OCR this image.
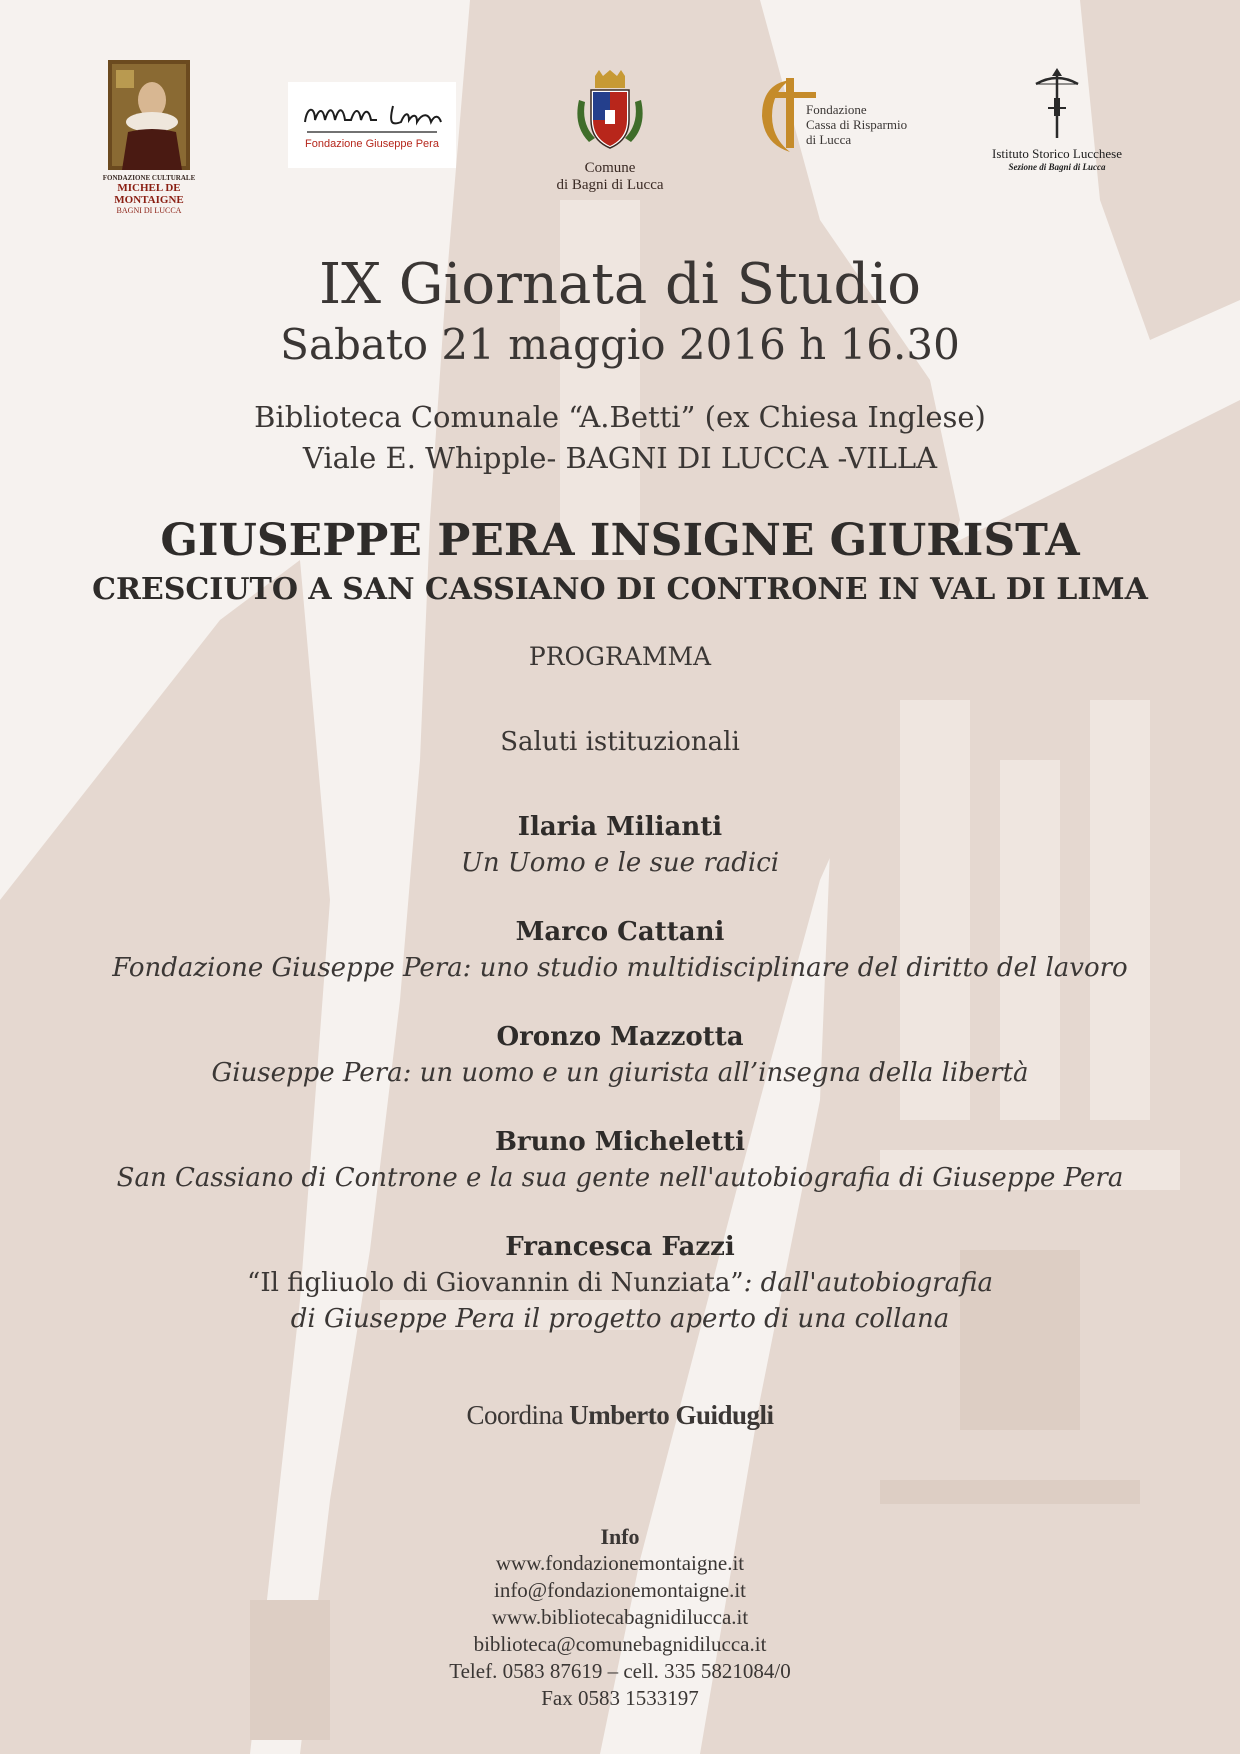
FONDAZIONE CULTURALE
MICHEL DE MONTAIGNE
BAGNI DI LUCCA
Fondazione Giuseppe Pera
Comune
di Bagni di Lucca
Fondazione
Cassa di Risparmio
di Lucca
Istituto Storico Lucchese
Sezione di Bagni di Lucca
IX Giornata di Studio
Sabato 21 maggio 2016 h 16.30
Biblioteca Comunale “A.Betti” (ex Chiesa Inglese)
Viale E. Whipple- BAGNI DI LUCCA -VILLA
GIUSEPPE PERA INSIGNE GIURISTA
CRESCIUTO A SAN CASSIANO DI CONTRONE IN VAL DI LIMA
PROGRAMMA
Saluti istituzionali
Ilaria Milianti
Un Uomo e le sue radici
Marco Cattani
Fondazione Giuseppe Pera: uno studio multidisciplinare del diritto del lavoro
Oronzo Mazzotta
Giuseppe Pera: un uomo e un giurista all’insegna della libertà
Bruno Micheletti
San Cassiano di Controne e la sua gente nell'autobiografia di Giuseppe Pera
Francesca Fazzi
“Il figliuolo di Giovannin di Nunziata”: dall'autobiografia
di Giuseppe Pera il progetto aperto di una collana
Coordina Umberto Guidugli
Info
www.fondazionemontaigne.it
info@fondazionemontaigne.it
www.bibliotecabagnidilucca.it
biblioteca@comunebagnidilucca.it
Telef. 0583 87619 – cell. 335 5821084/0
Fax 0583 1533197
